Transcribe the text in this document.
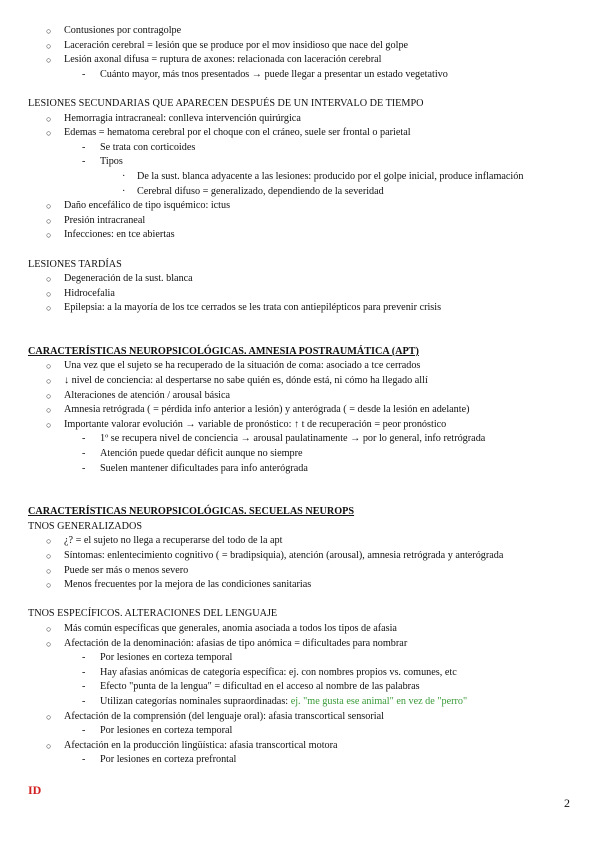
○ Contusiones por contragolpe
○ Laceración cerebral = lesión que se produce por el mov insidioso que nace del golpe
○ Lesión axonal difusa = ruptura de axones: relacionada con laceración cerebral
- Cuánto mayor, más tnos presentados → puede llegar a presentar un estado vegetativo
LESIONES SECUNDARIAS QUE APARECEN DESPUÉS DE UN INTERVALO DE TIEMPO
○ Hemorragia intracraneal: conlleva intervención quirúrgica
○ Edemas = hematoma cerebral por el choque con el cráneo, suele ser frontal o parietal
- Se trata con corticoides
- Tipos
· De la sust. blanca adyacente a las lesiones: producido por el golpe inicial, produce inflamación
· Cerebral difuso = generalizado, dependiendo de la severidad
○ Daño encefálico de tipo isquémico: ictus
○ Presión intracraneal
○ Infecciones: en tce abiertas
LESIONES TARDÍAS
○ Degeneración de la sust. blanca
○ Hidrocefalia
○ Epilepsia: a la mayoría de los tce cerrados se les trata con antiepilépticos para prevenir crisis
CARACTERÍSTICAS NEUROPSICOLÓGICAS. AMNESIA POSTRAUMÁTICA (APT)
○ Una vez que el sujeto se ha recuperado de la situación de coma: asociado a tce cerrados
○ ↓ nivel de conciencia: al despertarse no sabe quién es, dónde está, ni cómo ha llegado allí
○ Alteraciones de atención / arousal básica
○ Amnesia retrógrada ( = pérdida info anterior a lesión) y anterógrada ( = desde la lesión en adelante)
○ Importante valorar evolución → variable de pronóstico: ↑ t de recuperación = peor pronóstico
- 1º se recupera nivel de conciencia → arousal paulatinamente → por lo general, info retrógrada
- Atención puede quedar déficit aunque no siempre
- Suelen mantener dificultades para info anterógrada
CARACTERÍSTICAS NEUROPSICOLÓGICAS. SECUELAS NEUROPS
TNOS GENERALIZADOS
○ ¿? = el sujeto no llega a recuperarse del todo de la apt
○ Síntomas: enlentecimiento cognitivo ( = bradipsiquia), atención (arousal), amnesia retrógrada y anterógrada
○ Puede ser más o menos severo
○ Menos frecuentes por la mejora de las condiciones sanitarias
TNOS ESPECÍFICOS. ALTERACIONES DEL LENGUAJE
○ Más común específicas que generales, anomia asociada a todos los tipos de afasia
○ Afectación de la denominación: afasias de tipo anómica = dificultades para nombrar
- Por lesiones en corteza temporal
- Hay afasias anómicas de categoría específica: ej. con nombres propios vs. comunes, etc
- Efecto "punta de la lengua" = dificultad en el acceso al nombre de las palabras
- Utilizan categorías nominales supraordinadas: ej. "me gusta ese animal" en vez de "perro"
○ Afectación de la comprensión (del lenguaje oral): afasia transcortical sensorial
- Por lesiones en corteza temporal
○ Afectación en la producción lingüística: afasia transcortical motora
- Por lesiones en corteza prefrontal
ID
2
